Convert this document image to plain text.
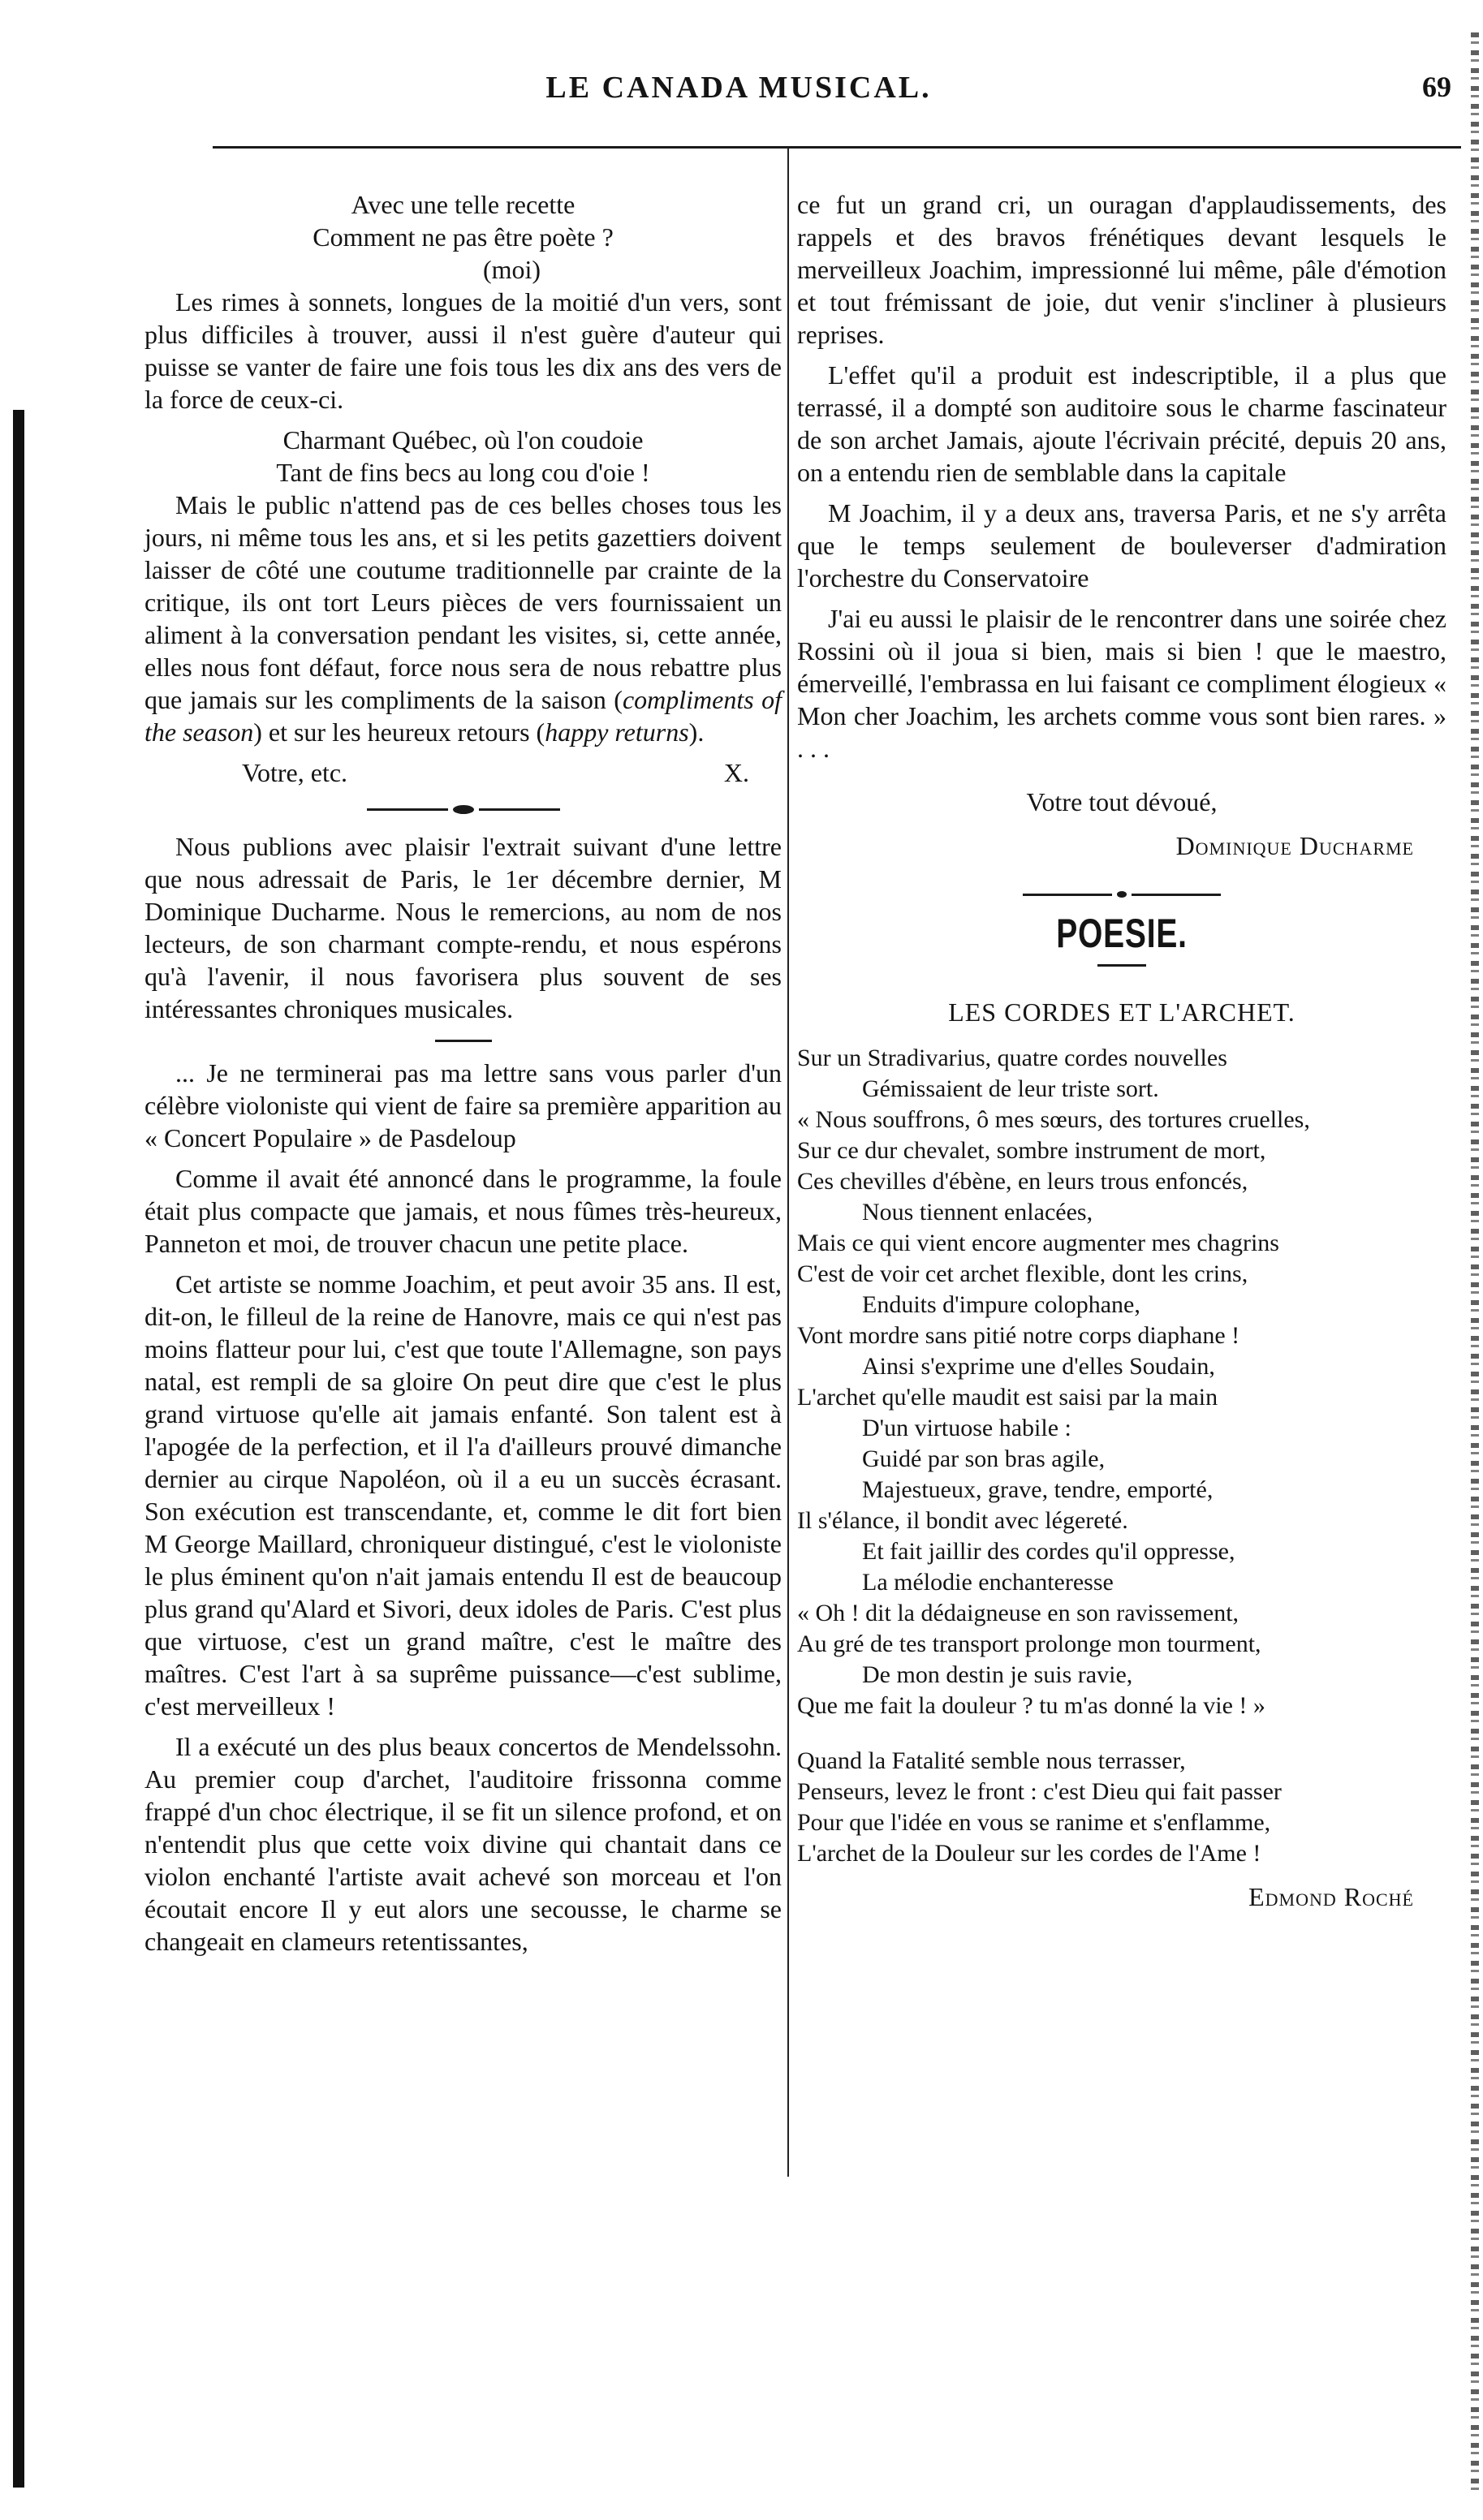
LE CANADA MUSICAL.	69
Avec une telle recette
Comment ne pas être poète ?
(moi)

Les rimes à sonnets, longues de la moitié d'un vers, sont plus difficiles à trouver, aussi il n'est guère d'auteur qui puisse se vanter de faire une fois tous les dix ans des vers de la force de ceux-ci.

Charmant Québec, où l'on coudoie
Tant de fins becs au long cou d'oie !

Mais le public n'attend pas de ces belles choses tous les jours, ni même tous les ans, et si les petits gazettiers doivent laisser de côté une coutume traditionnelle par crainte de la critique, ils ont tort Leurs pièces de vers fournissaient un aliment à la conversation pendant les visites, si, cette année, elles nous font défaut, force nous sera de nous rebattre plus que jamais sur les compliments de la saison (compliments of the season) et sur les heureux retours (happy returns).

Votre, etc.	X.

Nous publions avec plaisir l'extrait suivant d'une lettre que nous adressait de Paris, le 1er décembre dernier, M Dominique Ducharme. Nous le remercions, au nom de nos lecteurs, de son charmant compte-rendu, et nous espérons qu'à l'avenir, il nous favorisera plus souvent de ses intéressantes chroniques musicales.

... Je ne terminerai pas ma lettre sans vous parler d'un célèbre violoniste qui vient de faire sa première apparition au « Concert Populaire » de Pasdeloup

Comme il avait été annoncé dans le programme, la foule était plus compacte que jamais, et nous fûmes très-heureux, Panneton et moi, de trouver chacun une petite place.

Cet artiste se nomme Joachim, et peut avoir 35 ans. Il est, dit-on, le filleul de la reine de Hanovre, mais ce qui n'est pas moins flatteur pour lui, c'est que toute l'Allemagne, son pays natal, est rempli de sa gloire On peut dire que c'est le plus grand virtuose qu'elle ait jamais enfanté. Son talent est à l'apogée de la perfection, et il l'a d'ailleurs prouvé dimanche dernier au cirque Napoléon, où il a eu un succès écrasant. Son exécution est transcendante, et, comme le dit fort bien M George Maillard, chroniqueur distingué, c'est le violoniste le plus éminent qu'on n'ait jamais entendu Il est de beaucoup plus grand qu'Alard et Sivori, deux idoles de Paris. C'est plus que virtuose, c'est un grand maître, c'est le maître des maîtres. C'est l'art à sa suprême puissance—c'est sublime, c'est merveilleux !

Il a exécuté un des plus beaux concertos de Mendelssohn. Au premier coup d'archet, l'auditoire frissonna comme frappé d'un choc électrique, il se fit un silence profond, et on n'entendit plus que cette voix divine qui chantait dans ce violon enchanté l'artiste avait achevé son morceau et l'on écoutait encore Il y eut alors une secousse, le charme se changeait en clameurs retentissantes,

ce fut un grand cri, un ouragan d'applaudissements, des rappels et des bravos frénétiques devant lesquels le merveilleux Joachim, impressionné lui même, pâle d'émotion et tout frémissant de joie, dut venir s'incliner à plusieurs reprises.

L'effet qu'il a produit est indescriptible, il a plus que terrassé, il a dompté son auditoire sous le charme fascinateur de son archet Jamais, ajoute l'écrivain précité, depuis 20 ans, on a entendu rien de semblable dans la capitale

M Joachim, il y a deux ans, traversa Paris, et ne s'y arrêta que le temps seulement de bouleverser d'admiration l'orchestre du Conservatoire

J'ai eu aussi le plaisir de le rencontrer dans une soirée chez Rossini où il joua si bien, mais si bien ! que le maestro, émerveillé, l'embrassa en lui faisant ce compliment élogieux « Mon cher Joachim, les archets comme vous sont bien rares. » . . .

Votre tout dévoué,
Dominique Ducharme
POESIE.
LES CORDES ET L'ARCHET.
Sur un Stradivarius, quatre cordes nouvelles
Gémissaient de leur triste sort.
« Nous souffrons, ô mes sœurs, des tortures cruelles,
Sur ce dur chevalet, sombre instrument de mort,
Ces chevilles d'ébène, en leurs trous enfoncés,
Nous tiennent enlacées,
Mais ce qui vient encore augmenter mes chagrins
C'est de voir cet archet flexible, dont les crins,
Enduits d'impure colophane,
Vont mordre sans pitié notre corps diaphane !
Ainsi s'exprime une d'elles Soudain,
L'archet qu'elle maudit est saisi par la main
D'un virtuose habile :
Guidé par son bras agile,
Majestueux, grave, tendre, emporté,
Il s'élance, il bondit avec légereté.
Et fait jaillir des cordes qu'il oppresse,
La mélodie enchanteresse
« Oh ! dit la dédaigneuse en son ravissement,
Au gré de tes transport prolonge mon tourment,
De mon destin je suis ravie,
Que me fait la douleur ? tu m'as donné la vie ! »
Quand la Fatalité semble nous terrasser,
Penseurs, levez le front : c'est Dieu qui fait passer
Pour que l'idée en vous se ranime et s'enflamme,
L'archet de la Douleur sur les cordes de l'Ame !
Edmond Roché
